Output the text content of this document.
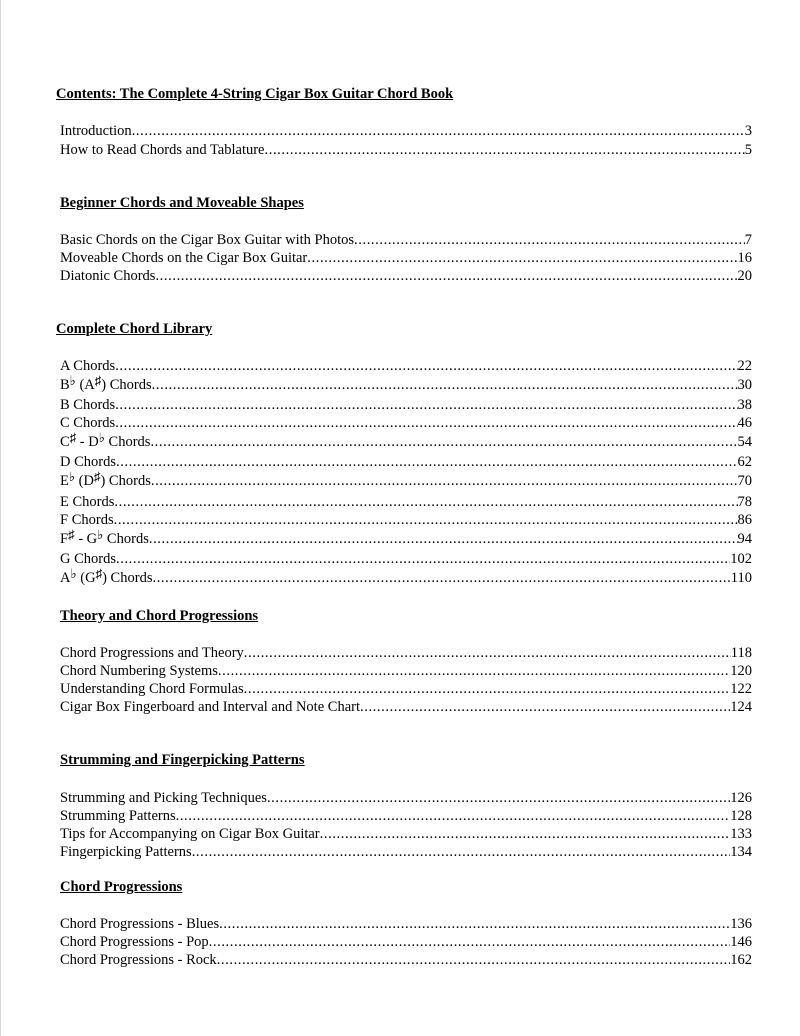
Contents: The Complete 4-String Cigar Box Guitar Chord Book
Introduction .....	3
How to Read Chords and Tablature .....	5
Beginner Chords and Moveable Shapes
Basic Chords on the Cigar Box Guitar with Photos .....	7
Moveable Chords on the Cigar Box Guitar .....	16
Diatonic Chords .....	20
Complete Chord Library
A Chords .....	22
B♭ (A♯) Chords .....	30
B Chords .....	38
C Chords .....	46
C♯ - D♭ Chords .....	54
D Chords .....	62
E♭ (D♯) Chords .....	70
E Chords .....	78
F Chords .....	86
F♯ - G♭ Chords .....	94
G Chords .....	102
A♭ (G♯) Chords .....	110
Theory and Chord Progressions
Chord Progressions and Theory .....	118
Chord Numbering Systems .....	120
Understanding Chord Formulas .....	122
Cigar Box Fingerboard and Interval and Note Chart .....	124
Strumming and Fingerpicking Patterns
Strumming and Picking Techniques .....	126
Strumming Patterns .....	128
Tips for Accompanying on Cigar Box Guitar .....	133
Fingerpicking Patterns .....	134
Chord Progressions
Chord Progressions - Blues .....	136
Chord Progressions - Pop .....	146
Chord Progressions - Rock .....	162
